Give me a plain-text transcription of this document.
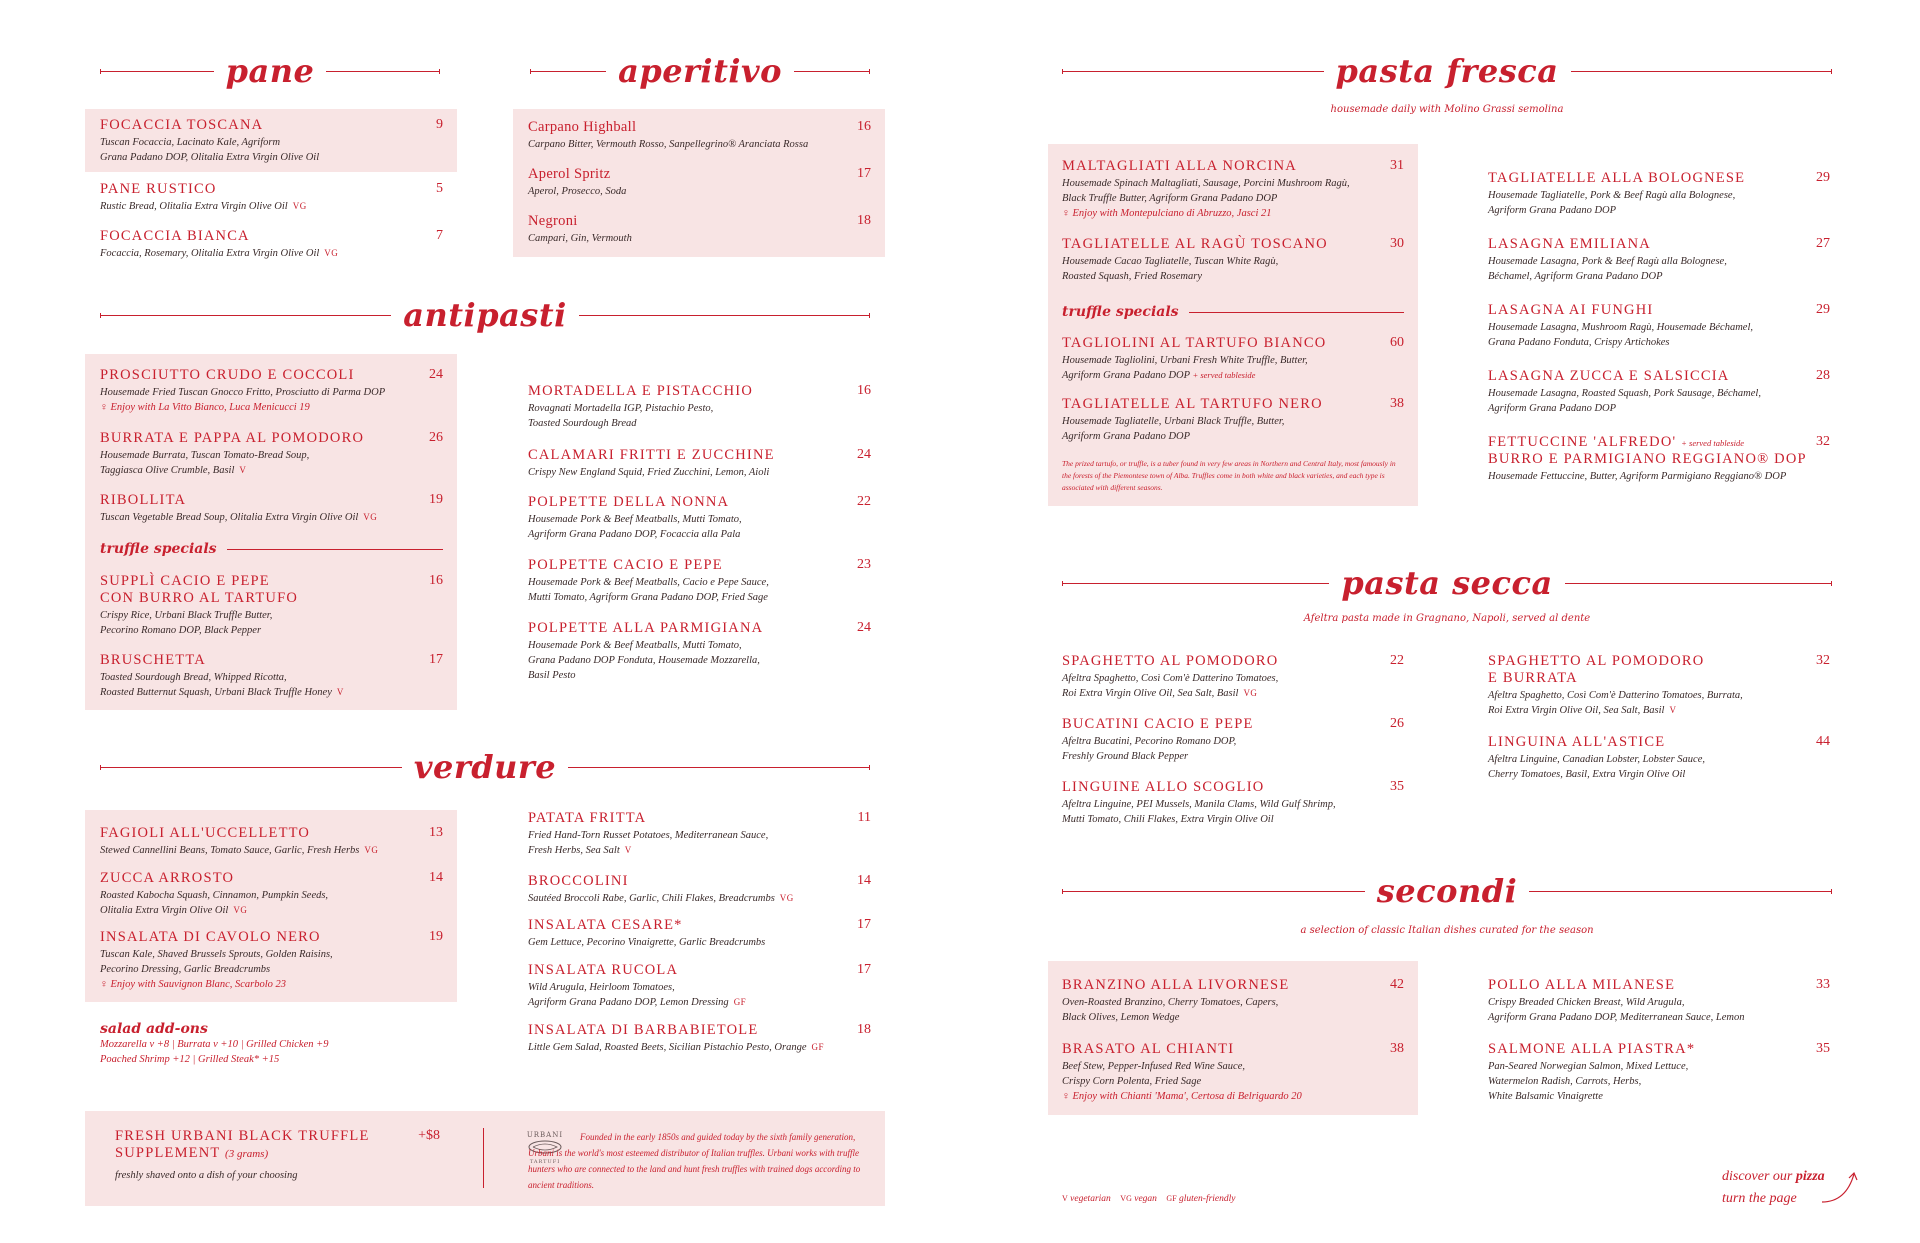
pane
FOCACCIA TOSCANA	9
Tuscan Focaccia, Lacinato Kale, Agriform
Grana Padano DOP, Olitalia Extra Virgin Olive Oil
PANE RUSTICO	5
Rustic Bread, Olitalia Extra Virgin Olive Oil VG
FOCACCIA BIANCA	7
Focaccia, Rosemary, Olitalia Extra Virgin Olive Oil VG
aperitivo
Carpano Highball	16
Carpano Bitter, Vermouth Rosso, Sanpellegrino® Aranciata Rossa
Aperol Spritz	17
Aperol, Prosecco, Soda
Negroni	18
Campari, Gin, Vermouth
antipasti
PROSCIUTTO CRUDO E COCCOLI	24
Housemade Fried Tuscan Gnocco Fritto, Prosciutto di Parma DOP
♀ Enjoy with La Vitto Bianco, Luca Menicucci 19
BURRATA E PAPPA AL POMODORO	26
Housemade Burrata, Tuscan Tomato-Bread Soup,
Taggiasca Olive Crumble, Basil V
RIBOLLITA	19
Tuscan Vegetable Bread Soup, Olitalia Extra Virgin Olive Oil VG
truffle specials
SUPPLÌ CACIO E PEPE
CON BURRO AL TARTUFO
16
Crispy Rice, Urbani Black Truffle Butter,
Pecorino Romano DOP, Black Pepper
BRUSCHETTA	17
Toasted Sourdough Bread, Whipped Ricotta,
Roasted Butternut Squash, Urbani Black Truffle Honey V
MORTADELLA E PISTACCHIO	16
Rovagnati Mortadella IGP, Pistachio Pesto,
Toasted Sourdough Bread
CALAMARI FRITTI E ZUCCHINE	24
Crispy New England Squid, Fried Zucchini, Lemon, Aioli
POLPETTE DELLA NONNA	22
Housemade Pork & Beef Meatballs, Mutti Tomato,
Agriform Grana Padano DOP, Focaccia alla Pala
POLPETTE CACIO E PEPE	23
Housemade Pork & Beef Meatballs, Cacio e Pepe Sauce,
Mutti Tomato, Agriform Grana Padano DOP, Fried Sage
POLPETTE ALLA PARMIGIANA	24
Housemade Pork & Beef Meatballs, Mutti Tomato,
Grana Padano DOP Fonduta, Housemade Mozzarella,
Basil Pesto
verdure
FAGIOLI ALL'UCCELLETTO	13
Stewed Cannellini Beans, Tomato Sauce, Garlic, Fresh Herbs VG
ZUCCA ARROSTO	14
Roasted Kabocha Squash, Cinnamon, Pumpkin Seeds,
Olitalia Extra Virgin Olive Oil VG
INSALATA DI CAVOLO NERO	19
Tuscan Kale, Shaved Brussels Sprouts, Golden Raisins,
Pecorino Dressing, Garlic Breadcrumbs
♀ Enjoy with Sauvignon Blanc, Scarbolo 23
salad add-ons
Mozzarella v +8 | Burrata v +10 | Grilled Chicken +9
Poached Shrimp +12 | Grilled Steak* +15
PATATA FRITTA	11
Fried Hand-Torn Russet Potatoes, Mediterranean Sauce,
Fresh Herbs, Sea Salt V
BROCCOLINI	14
Sautéed Broccoli Rabe, Garlic, Chili Flakes, Breadcrumbs VG
INSALATA CESARE*	17
Gem Lettuce, Pecorino Vinaigrette, Garlic Breadcrumbs
INSALATA RUCOLA	17
Wild Arugula, Heirloom Tomatoes,
Agriform Grana Padano DOP, Lemon Dressing GF
INSALATA DI BARBABIETOLE	18
Little Gem Salad, Roasted Beets, Sicilian Pistachio Pesto, Orange GF
FRESH URBANI BLACK TRUFFLE
SUPPLEMENT (3 grams)
+$8
freshly shaved onto a dish of your choosing
URBANI
TARTUFI
Founded in the early 1850s and guided today by the sixth family generation, Urbani is the world's most esteemed distributor of Italian truffles. Urbani works with truffle hunters who are connected to the land and hunt fresh truffles with trained dogs according to ancient traditions.
pasta fresca
housemade daily with Molino Grassi semolina
MALTAGLIATI ALLA NORCINA	31
Housemade Spinach Maltagliati, Sausage, Porcini Mushroom Ragù,
Black Truffle Butter, Agriform Grana Padano DOP
♀ Enjoy with Montepulciano di Abruzzo, Jasci 21
TAGLIATELLE AL RAGÙ TOSCANO	30
Housemade Cacao Tagliatelle, Tuscan White Ragù,
Roasted Squash, Fried Rosemary
truffle specials
TAGLIOLINI AL TARTUFO BIANCO	60
Housemade Tagliolini, Urbani Fresh White Truffle, Butter,
Agriform Grana Padano DOP + served tableside
TAGLIATELLE AL TARTUFO NERO	38
Housemade Tagliatelle, Urbani Black Truffle, Butter,
Agriform Grana Padano DOP
The prized tartufo, or truffle, is a tuber found in very few areas in Northern and Central Italy, most famously in the forests of the Piemontese town of Alba. Truffles come in both white and black varieties, and each type is associated with different seasons.
TAGLIATELLE ALLA BOLOGNESE	29
Housemade Tagliatelle, Pork & Beef Ragù alla Bolognese,
Agriform Grana Padano DOP
LASAGNA EMILIANA	27
Housemade Lasagna, Pork & Beef Ragù alla Bolognese,
Béchamel, Agriform Grana Padano DOP
LASAGNA AI FUNGHI	29
Housemade Lasagna, Mushroom Ragù, Housemade Béchamel,
Grana Padano Fonduta, Crispy Artichokes
LASAGNA ZUCCA E SALSICCIA	28
Housemade Lasagna, Roasted Squash, Pork Sausage, Béchamel,
Agriform Grana Padano DOP
FETTUCCINE 'ALFREDO' + served tableside
BURRO E PARMIGIANO REGGIANO® DOP
32
Housemade Fettuccine, Butter, Agriform Parmigiano Reggiano® DOP
pasta secca
Afeltra pasta made in Gragnano, Napoli, served al dente
SPAGHETTO AL POMODORO	22
Afeltra Spaghetto, Così Com'è Datterino Tomatoes,
Roi Extra Virgin Olive Oil, Sea Salt, Basil VG
BUCATINI CACIO E PEPE	26
Afeltra Bucatini, Pecorino Romano DOP,
Freshly Ground Black Pepper
LINGUINE ALLO SCOGLIO	35
Afeltra Linguine, PEI Mussels, Manila Clams, Wild Gulf Shrimp,
Mutti Tomato, Chili Flakes, Extra Virgin Olive Oil
SPAGHETTO AL POMODORO
E BURRATA
32
Afeltra Spaghetto, Così Com'è Datterino Tomatoes, Burrata,
Roi Extra Virgin Olive Oil, Sea Salt, Basil V
LINGUINA ALL'ASTICE	44
Afeltra Linguine, Canadian Lobster, Lobster Sauce,
Cherry Tomatoes, Basil, Extra Virgin Olive Oil
secondi
a selection of classic Italian dishes curated for the season
BRANZINO ALLA LIVORNESE	42
Oven-Roasted Branzino, Cherry Tomatoes, Capers,
Black Olives, Lemon Wedge
BRASATO AL CHIANTI	38
Beef Stew, Pepper-Infused Red Wine Sauce,
Crispy Corn Polenta, Fried Sage
♀ Enjoy with Chianti 'Mama', Certosa di Belriguardo 20
POLLO ALLA MILANESE	33
Crispy Breaded Chicken Breast, Wild Arugula,
Agriform Grana Padano DOP, Mediterranean Sauce, Lemon
SALMONE ALLA PIASTRA*	35
Pan-Seared Norwegian Salmon, Mixed Lettuce,
Watermelon Radish, Carrots, Herbs,
White Balsamic Vinaigrette
V vegetarian VG vegan GF gluten-friendly
discover our pizza
turn the page
